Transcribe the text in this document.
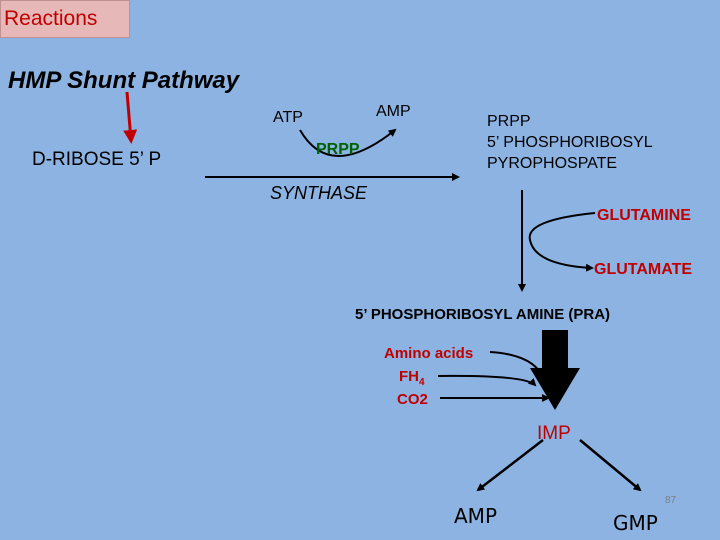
Reactions
HMP Shunt Pathway
D-RIBOSE 5’ P
ATP	AMP
PRPP
SYNTHASE
PRPP
5’ PHOSPHORIBOSYL
PYROPHOSPATE
GLUTAMINE
GLUTAMATE
5’ PHOSPHORIBOSYL AMINE (PRA)
Amino acids
$FH_4$
CO2
IMP
AMP	GMP
87
